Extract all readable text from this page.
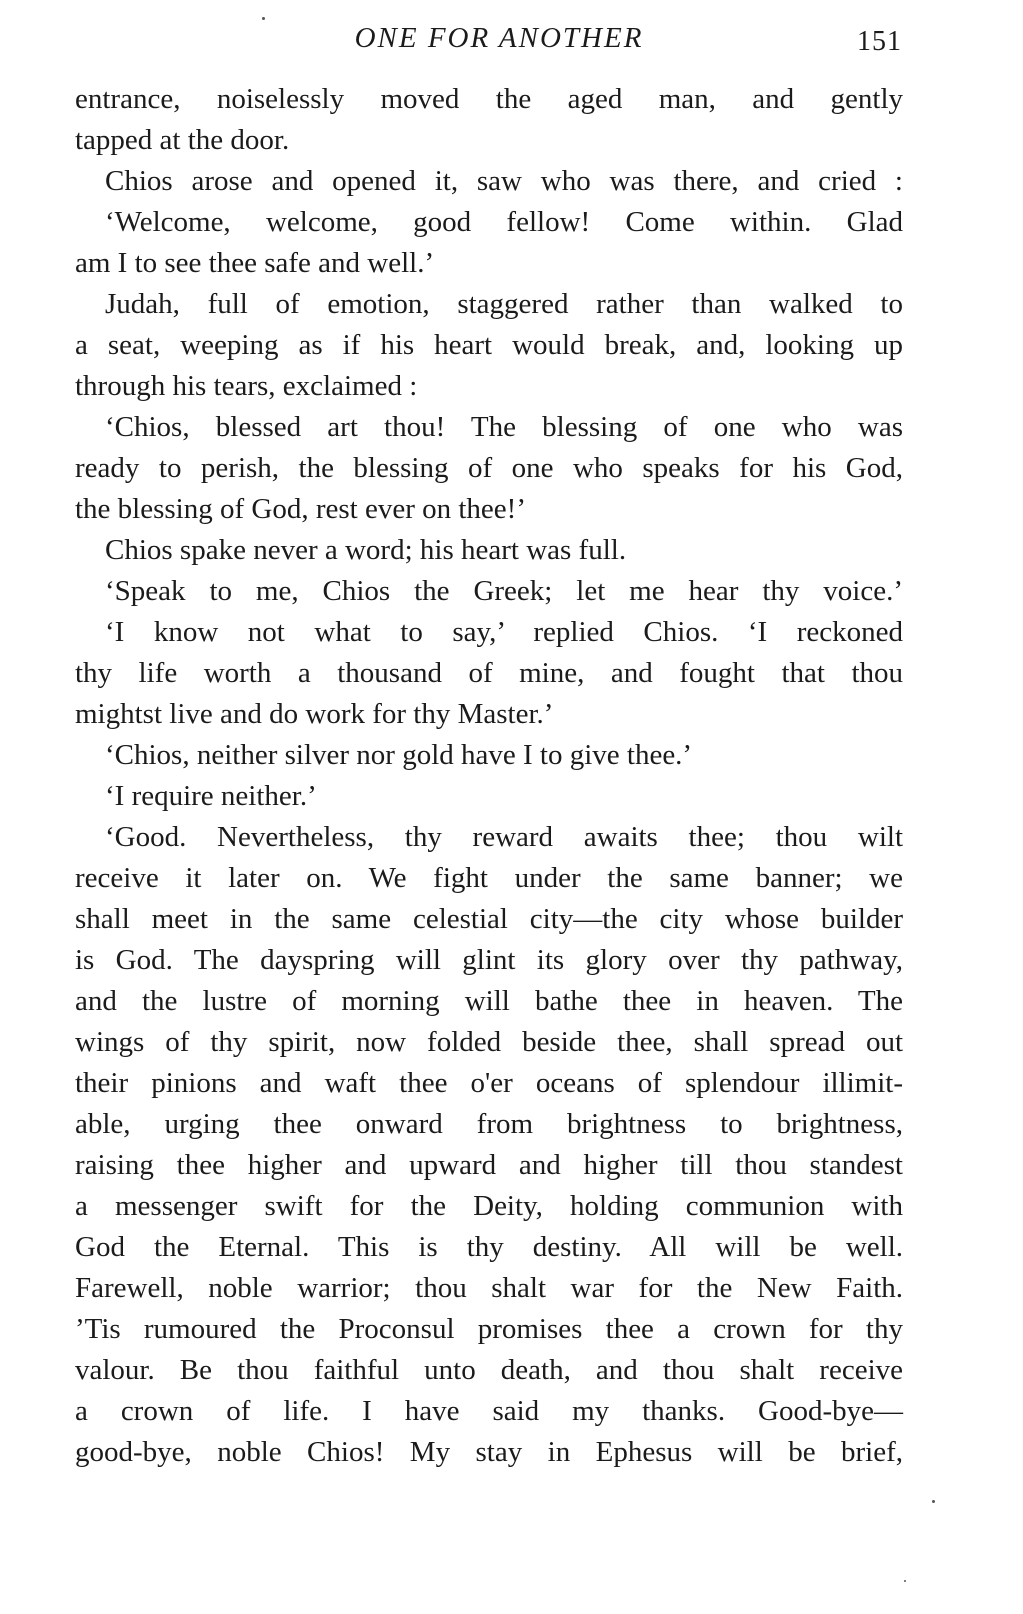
ONE FOR ANOTHER	151
entrance, noiselessly moved the aged man, and gently
tapped at the door.
Chios arose and opened it, saw who was there, and cried :
‘Welcome, welcome, good fellow! Come within. Glad
am I to see thee safe and well.’
Judah, full of emotion, staggered rather than walked to
a seat, weeping as if his heart would break, and, looking up
through his tears, exclaimed :
‘Chios, blessed art thou! The blessing of one who was
ready to perish, the blessing of one who speaks for his God,
the blessing of God, rest ever on thee!’
Chios spake never a word; his heart was full.
‘Speak to me, Chios the Greek; let me hear thy voice.’
‘I know not what to say,’ replied Chios. ‘I reckoned
thy life worth a thousand of mine, and fought that thou
mightst live and do work for thy Master.’
‘Chios, neither silver nor gold have I to give thee.’
‘I require neither.’
‘Good. Nevertheless, thy reward awaits thee; thou wilt
receive it later on. We fight under the same banner; we
shall meet in the same celestial city—the city whose builder
is God. The dayspring will glint its glory over thy pathway,
and the lustre of morning will bathe thee in heaven. The
wings of thy spirit, now folded beside thee, shall spread out
their pinions and waft thee o'er oceans of splendour illimit-
able, urging thee onward from brightness to brightness,
raising thee higher and upward and higher till thou standest
a messenger swift for the Deity, holding communion with
God the Eternal. This is thy destiny. All will be well.
Farewell, noble warrior; thou shalt war for the New Faith.
’Tis rumoured the Proconsul promises thee a crown for thy
valour. Be thou faithful unto death, and thou shalt receive
a crown of life. I have said my thanks. Good-bye—
good-bye, noble Chios! My stay in Ephesus will be brief,
